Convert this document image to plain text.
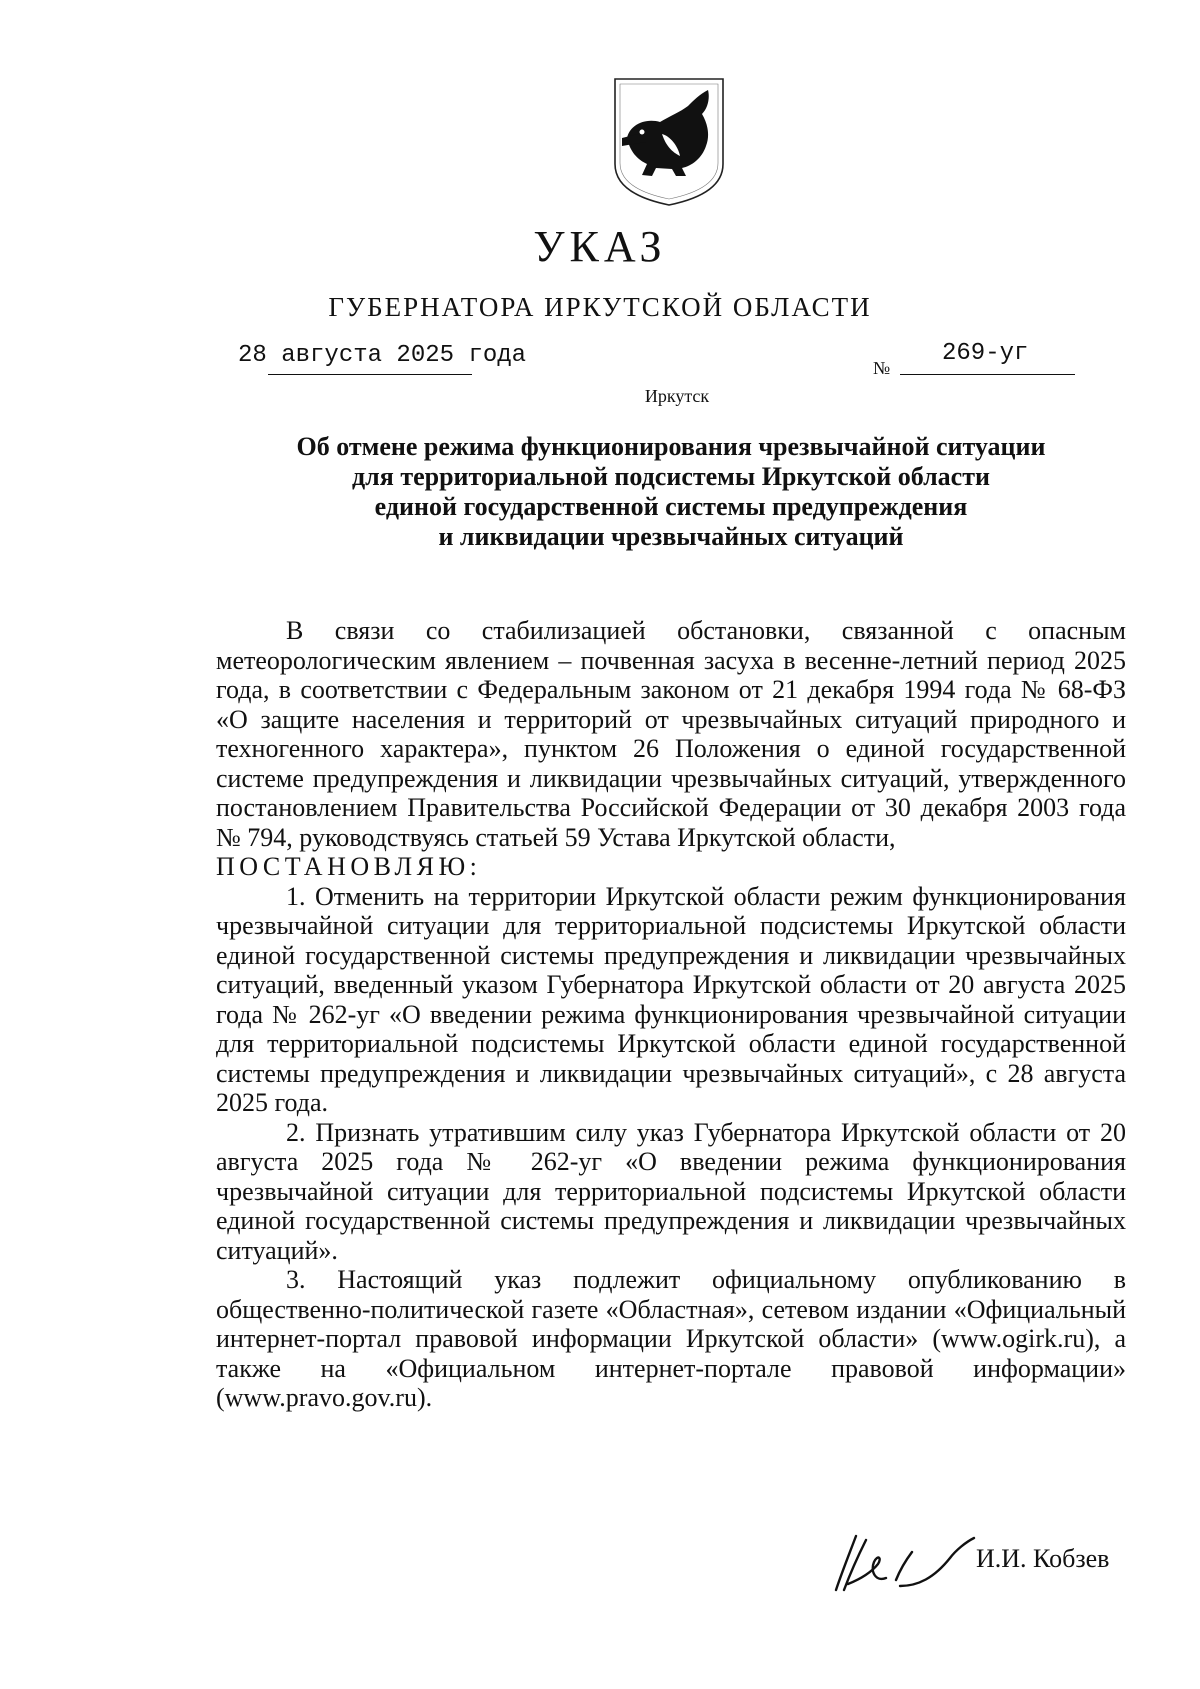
УКАЗ
ГУБЕРНАТОРА ИРКУТСКОЙ ОБЛАСТИ
28 августа 2025 года	№
269-уг
Иркутск
Об отмене режима функционирования чрезвычайной ситуации
для территориальной подсистемы Иркутской области
единой государственной системы предупреждения
и ликвидации чрезвычайных ситуаций

В связи со стабилизацией обстановки, связанной с опасным метеорологическим явлением – почвенная засуха в весенне-летний период 2025 года, в соответствии с Федеральным законом от 21 декабря 1994 года № 68-ФЗ «О защите населения и территорий от чрезвычайных ситуаций природного и техногенного характера», пунктом 26 Положения о единой государственной системе предупреждения и ликвидации чрезвычайных ситуаций, утвержденного постановлением Правительства Российской Федерации от 30 декабря 2003 года № 794, руководствуясь статьей 59 Устава Иркутской области,

ПОСТАНОВЛЯЮ:

1. Отменить на территории Иркутской области режим функционирования чрезвычайной ситуации для территориальной подсистемы Иркутской области единой государственной системы предупреждения и ликвидации чрезвычайных ситуаций, введенный указом Губернатора Иркутской области от 20 августа 2025 года № 262-уг «О введении режима функционирования чрезвычайной ситуации для территориальной подсистемы Иркутской области единой государственной системы предупреждения и ликвидации чрезвычайных ситуаций», с 28 августа 2025 года.

2. Признать утратившим силу указ Губернатора Иркутской области от 20 августа 2025 года № 262-уг «О введении режима функционирования чрезвычайной ситуации для территориальной подсистемы Иркутской области единой государственной системы предупреждения и ликвидации чрезвычайных ситуаций».

3. Настоящий указ подлежит официальному опубликованию в общественно-политической газете «Областная», сетевом издании «Официальный интернет-портал правовой информации Иркутской области» (www.ogirk.ru), а также на «Официальном интернет-портале правовой информации» (www.pravo.gov.ru).

И.И. Кобзев
